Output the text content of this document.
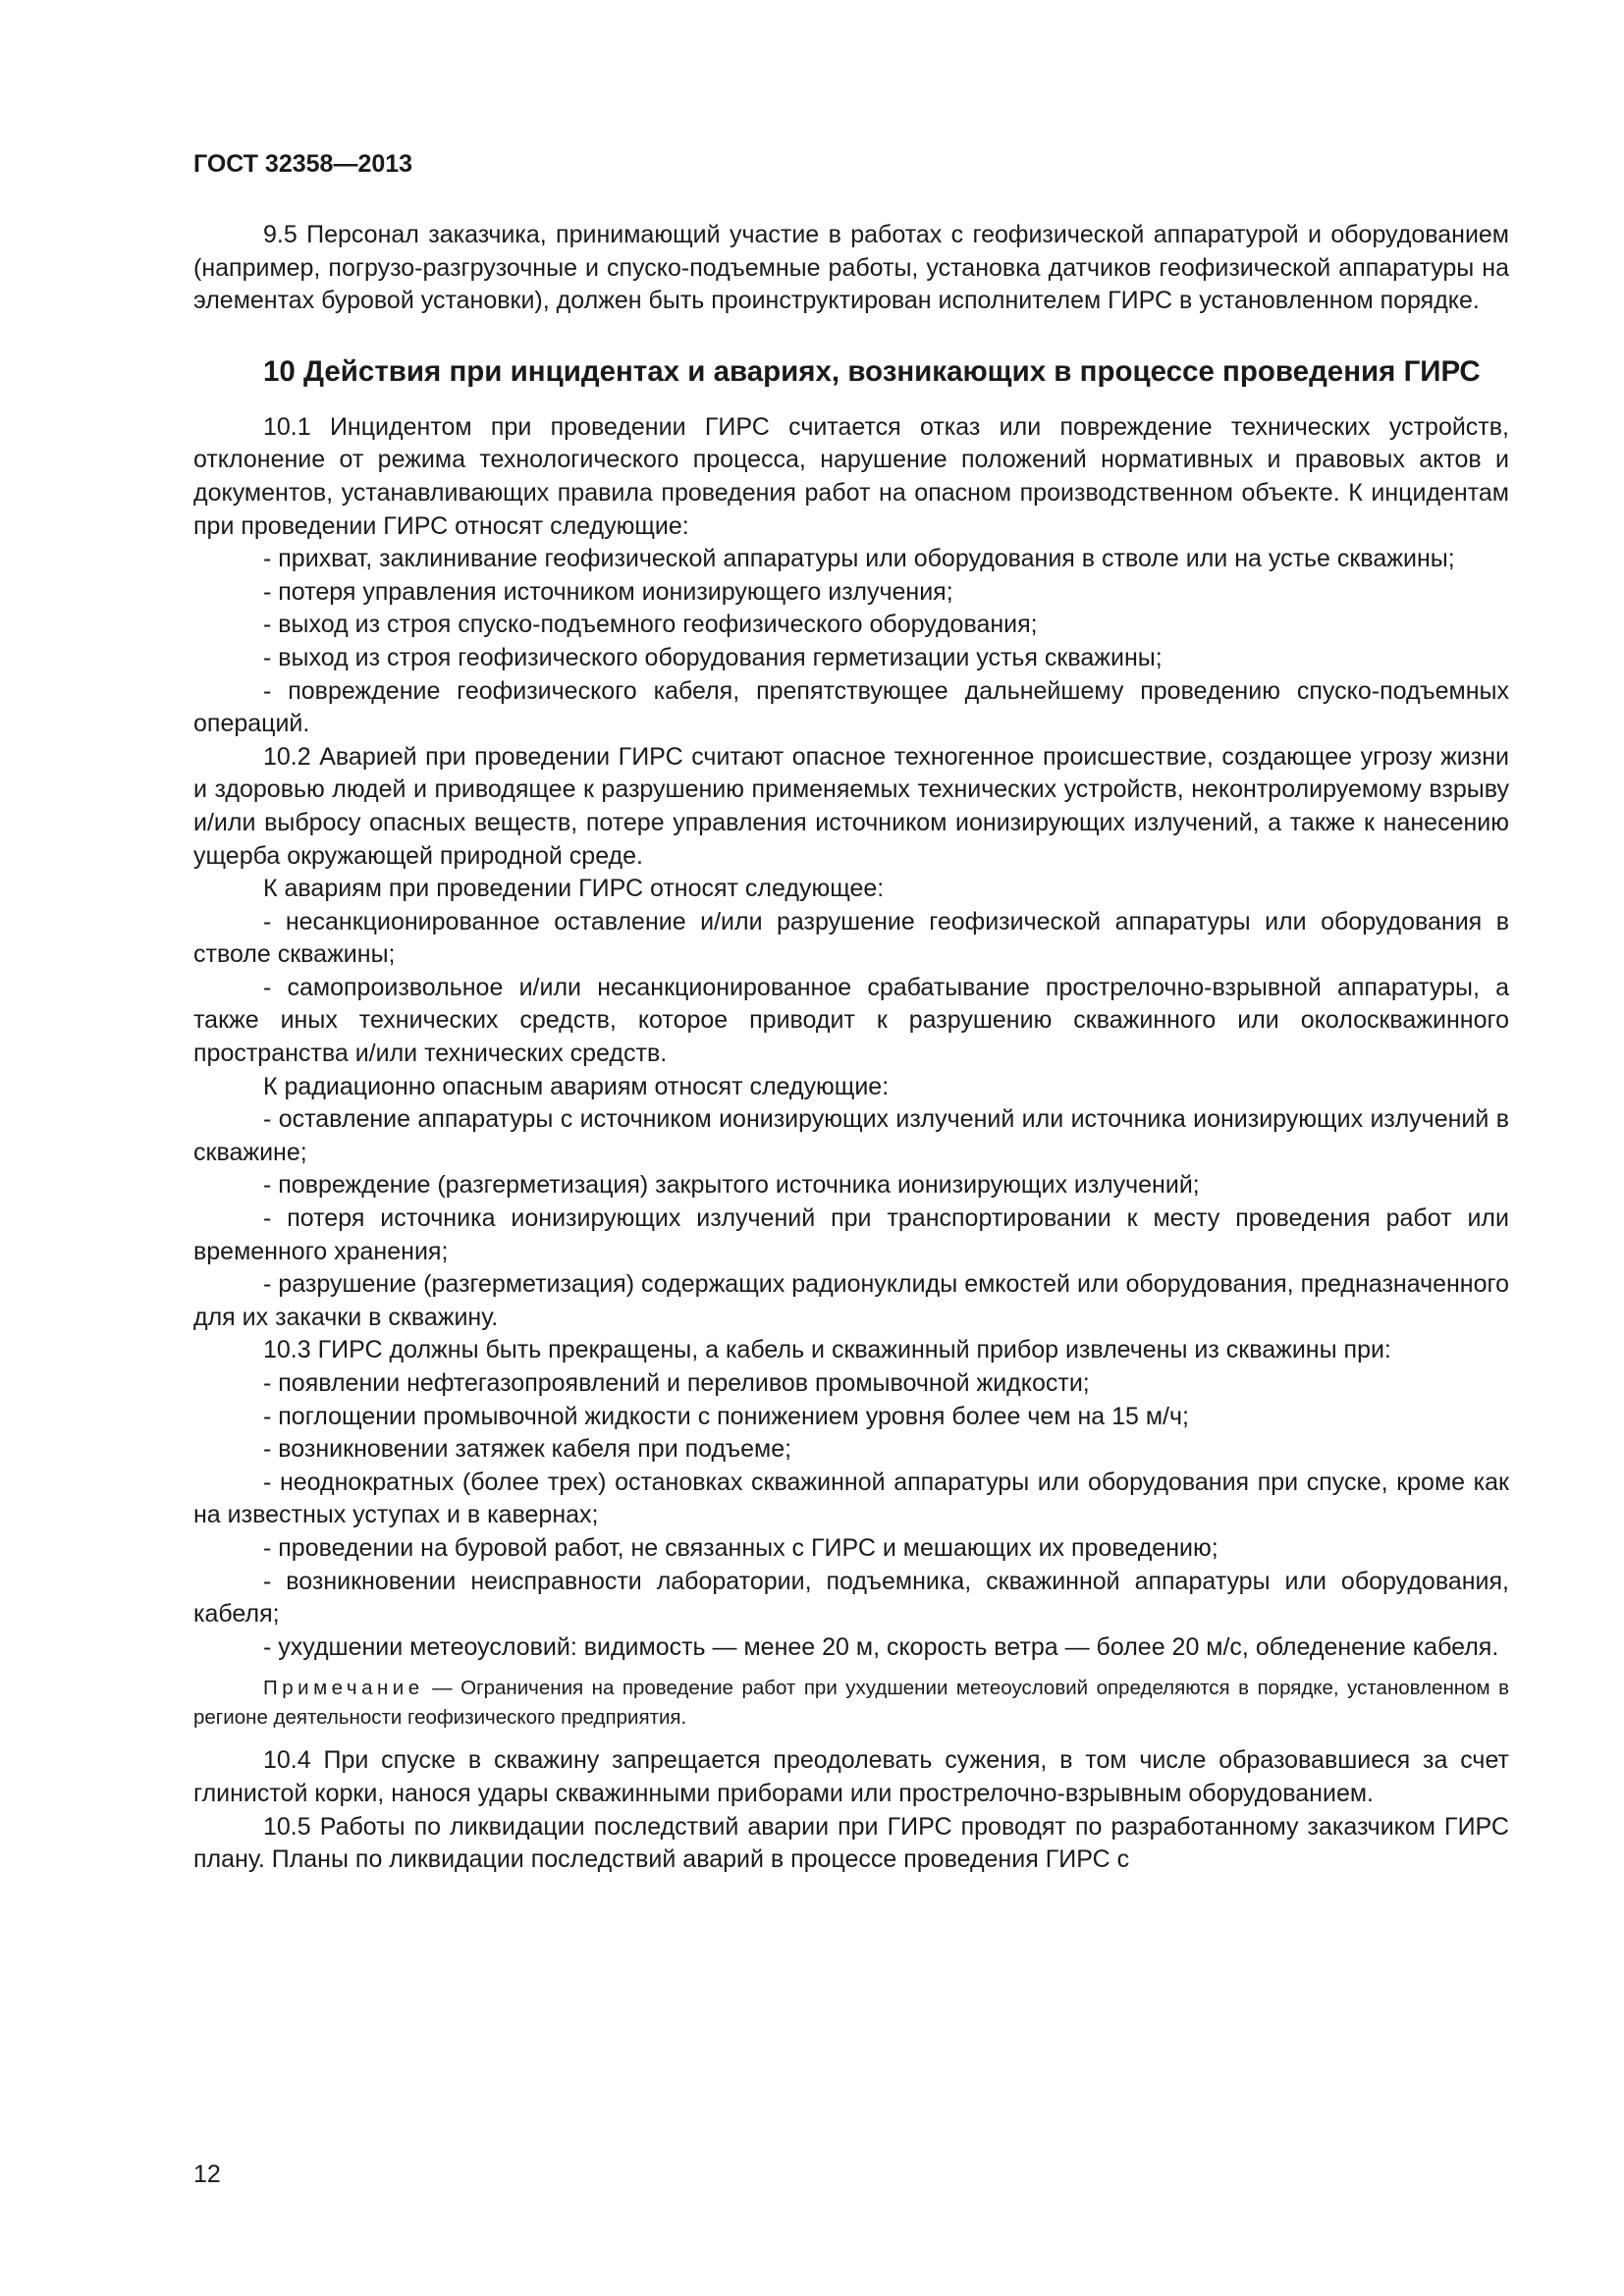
ГОСТ 32358—2013

9.5 Персонал заказчика, принимающий участие в работах с геофизической аппаратурой и оборудованием (например, погрузо-разгрузочные и спуско-подъемные работы, установка датчиков геофизической аппаратуры на элементах буровой установки), должен быть проинструктирован исполнителем ГИРС в установленном порядке.

10 Действия при инцидентах и авариях, возникающих в процессе проведения ГИРС

10.1 Инцидентом при проведении ГИРС считается отказ или повреждение технических устройств, отклонение от режима технологического процесса, нарушение положений нормативных и правовых актов и документов, устанавливающих правила проведения работ на опасном производственном объекте. К инцидентам при проведении ГИРС относят следующие:

- прихват, заклинивание геофизической аппаратуры или оборудования в стволе или на устье скважины;

- потеря управления источником ионизирующего излучения;

- выход из строя спуско-подъемного геофизического оборудования;

- выход из строя геофизического оборудования герметизации устья скважины;

- повреждение геофизического кабеля, препятствующее дальнейшему проведению спуско-подъемных операций.

10.2 Аварией при проведении ГИРС считают опасное техногенное происшествие, создающее угрозу жизни и здоровью людей и приводящее к разрушению применяемых технических устройств, неконтролируемому взрыву и/или выбросу опасных веществ, потере управления источником ионизирующих излучений, а также к нанесению ущерба окружающей природной среде.

К авариям при проведении ГИРС относят следующее:

- несанкционированное оставление и/или разрушение геофизической аппаратуры или оборудования в стволе скважины;

- самопроизвольное и/или несанкционированное срабатывание прострелочно-взрывной аппаратуры, а также иных технических средств, которое приводит к разрушению скважинного или околоскважинного пространства и/или технических средств.

К радиационно опасным авариям относят следующие:

- оставление аппаратуры с источником ионизирующих излучений или источника ионизирующих излучений в скважине;

- повреждение (разгерметизация) закрытого источника ионизирующих излучений;

- потеря источника ионизирующих излучений при транспортировании к месту проведения работ или временного хранения;

- разрушение (разгерметизация) содержащих радионуклиды емкостей или оборудования, предназначенного для их закачки в скважину.

10.3 ГИРС должны быть прекращены, а кабель и скважинный прибор извлечены из скважины при:

- появлении нефтегазопроявлений и переливов промывочной жидкости;

- поглощении промывочной жидкости с понижением уровня более чем на 15 м/ч;

- возникновении затяжек кабеля при подъеме;

- неоднократных (более трех) остановках скважинной аппаратуры или оборудования при спуске, кроме как на известных уступах и в кавернах;

- проведении на буровой работ, не связанных с ГИРС и мешающих их проведению;

- возникновении неисправности лаборатории, подъемника, скважинной аппаратуры или оборудования, кабеля;

- ухудшении метеоусловий: видимость — менее 20 м, скорость ветра — более 20 м/с, обледенение кабеля.

Примечание — Ограничения на проведение работ при ухудшении метеоусловий определяются в порядке, установленном в регионе деятельности геофизического предприятия.

10.4 При спуске в скважину запрещается преодолевать сужения, в том числе образовавшиеся за счет глинистой корки, нанося удары скважинными приборами или прострелочно-взрывным оборудованием.

10.5 Работы по ликвидации последствий аварии при ГИРС проводят по разработанному заказчиком ГИРС плану. Планы по ликвидации последствий аварий в процессе проведения ГИРС с

12
